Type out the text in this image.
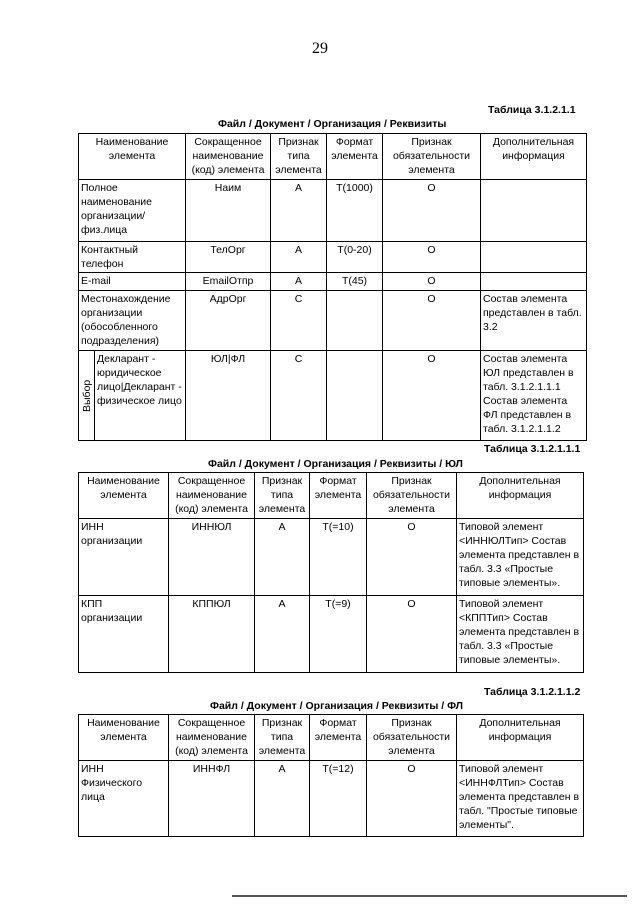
29
Таблица 3.1.2.1.1
Файл / Документ / Организация / Реквизиты
Наименование элемента		Сокращенное наименование (код) элемента	Признак типа элемента	Формат элемента	Признак обязательности элемента	Дополнительная информация
Полное наименование организации/ физ.лица		Наим	А	Т(1000)	О	
Контактный телефон		ТелОрг	А	Т(0-20)	О	
E-mail		EmailОтпр	А	Т(45)	О	
Местонахождение организации (обособленного подразделения)		АдрОрг	С		О	Состав элемента представлен в табл. 3.2
Выбор	Декларант - юридическое лицо|Декларант - физическое лицо	ЮЛ|ФЛ	С		О	Состав элемента ЮЛ представлен в табл. 3.1.2.1.1.1 Состав элемента ФЛ представлен в табл. 3.1.2.1.1.2
Таблица 3.1.2.1.1.1
Файл / Документ / Организация / Реквизиты / ЮЛ
Наименование элемента	Сокращенное наименование (код) элемента	Признак типа элемента	Формат элемента	Признак обязательности элемента	Дополнительная информация
ИНН организации	ИННЮЛ	А	Т(=10)	О	Типовой элемент <ИННЮЛТип> Состав элемента представлен в табл. 3.3 «Простые типовые элементы».
КПП организации	КППЮЛ	А	Т(=9)	О	Типовой элемент <КППТип> Состав элемента представлен в табл. 3.3 «Простые типовые элементы».
Таблица 3.1.2.1.1.2
Файл / Документ / Организация / Реквизиты / ФЛ
Наименование элемента	Сокращенное наименование (код) элемента	Признак типа элемента	Формат элемента	Признак обязательности элемента	Дополнительная информация
ИНН Физического лица	ИННФЛ	А	Т(=12)	О	Типовой элемент <ИННФЛТип> Состав элемента представлен в табл. "Простые типовые элементы".
